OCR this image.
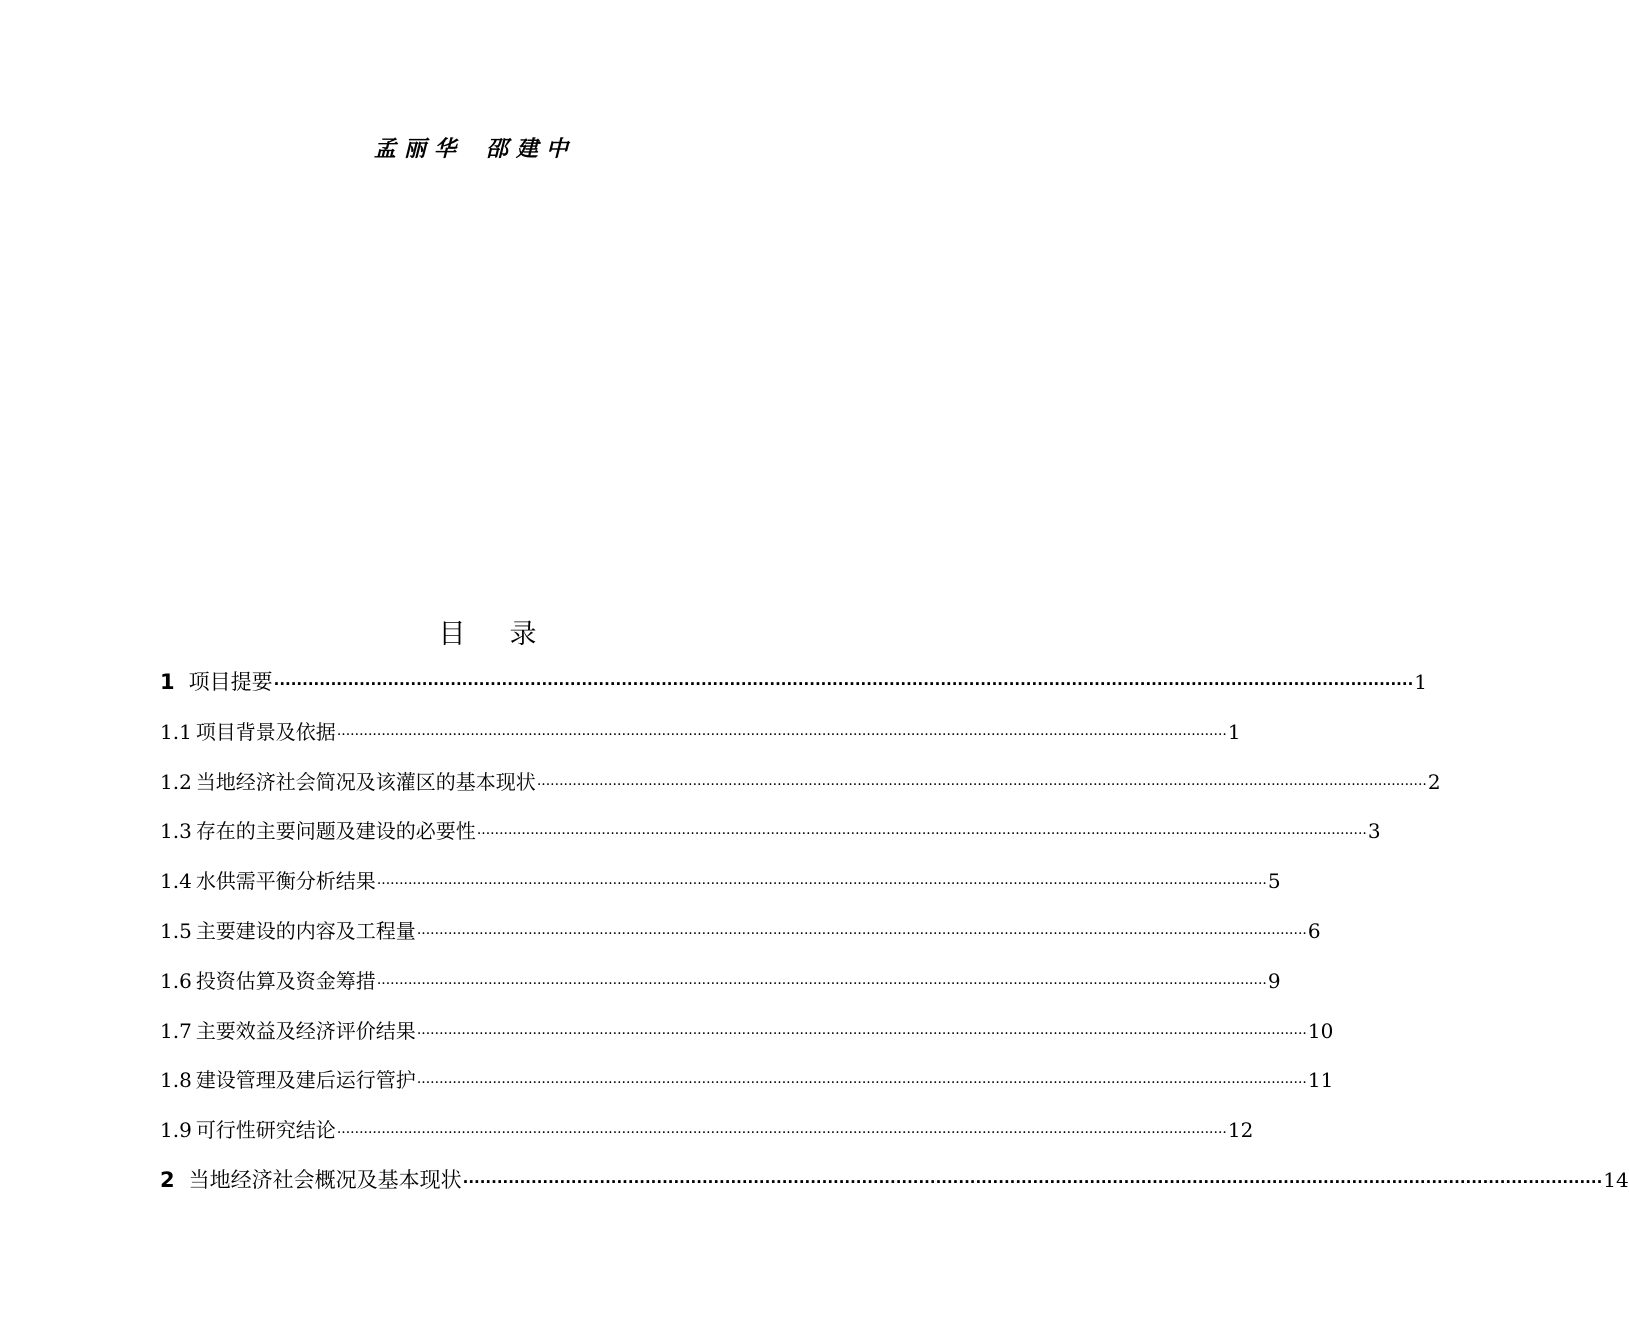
孟丽华 邵建中
目 录
1 项目提要 ········································································································································································································ 1
1.1 项目背景及依据 ········································································································································································································ 1
1.2 当地经济社会简况及该灌区的基本现状 ········································································································································································································ 2
1.3 存在的主要问题及建设的必要性 ········································································································································································································ 3
1.4 水供需平衡分析结果 ········································································································································································································ 5
1.5 主要建设的内容及工程量 ········································································································································································································ 6
1.6 投资估算及资金筹措 ········································································································································································································ 9
1.7 主要效益及经济评价结果 ········································································································································································································ 10
1.8 建设管理及建后运行管护 ········································································································································································································ 11
1.9 可行性研究结论 ········································································································································································································ 12
2 当地经济社会概况及基本现状 ········································································································································································································ 14
